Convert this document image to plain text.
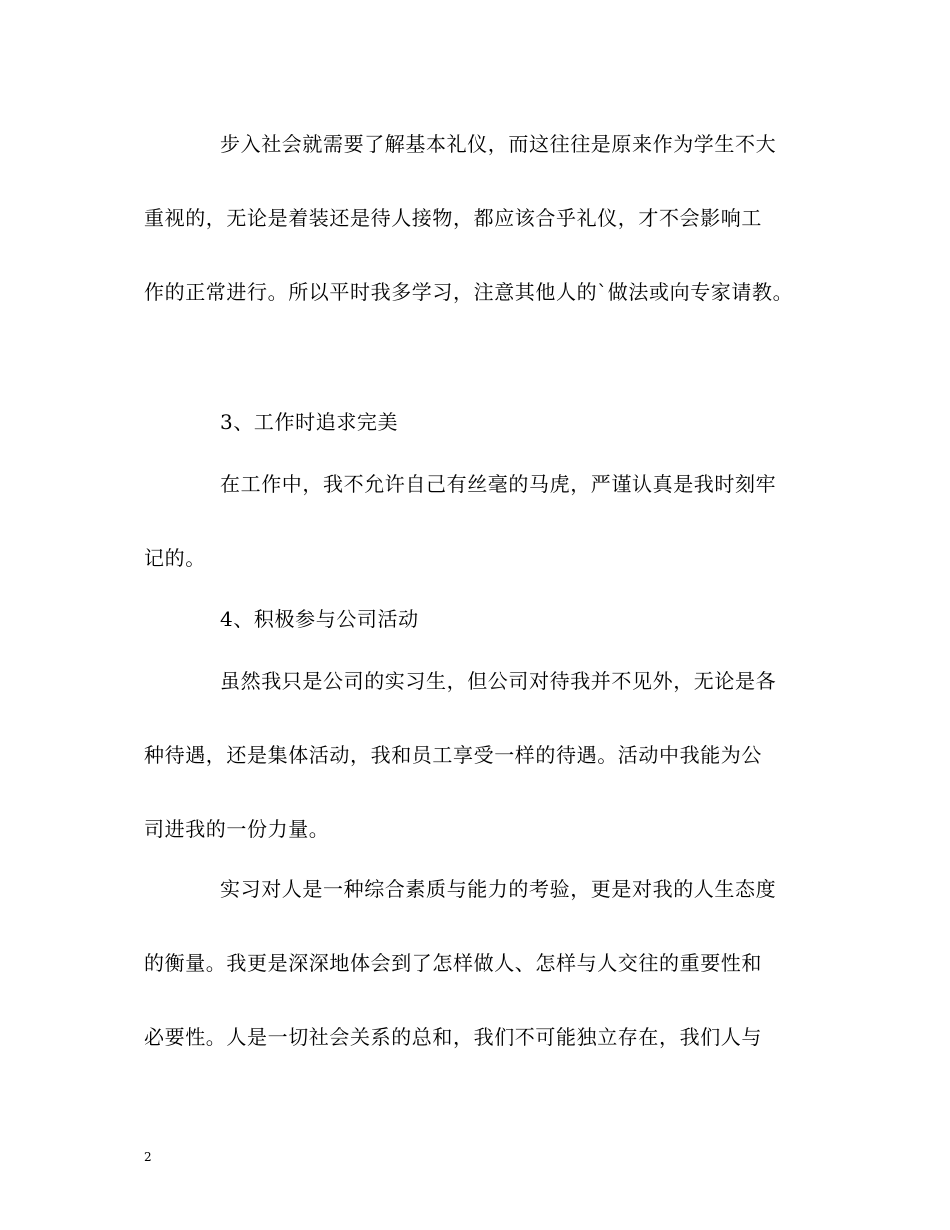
步入社会就需要了解基本礼仪，而这往往是原来作为学生不大
重视的，无论是着装还是待人接物，都应该合乎礼仪，才不会影响工
作的正常进行。所以平时我多学习，注意其他人的`做法或向专家请教。
3、工作时追求完美
在工作中，我不允许自己有丝毫的马虎，严谨认真是我时刻牢
记的。
4、积极参与公司活动
虽然我只是公司的实习生，但公司对待我并不见外，无论是各
种待遇，还是集体活动，我和员工享受一样的待遇。活动中我能为公
司进我的一份力量。
实习对人是一种综合素质与能力的考验，更是对我的人生态度
的衡量。我更是深深地体会到了怎样做人、怎样与人交往的重要性和
必要性。人是一切社会关系的总和，我们不可能独立存在，我们人与
2
